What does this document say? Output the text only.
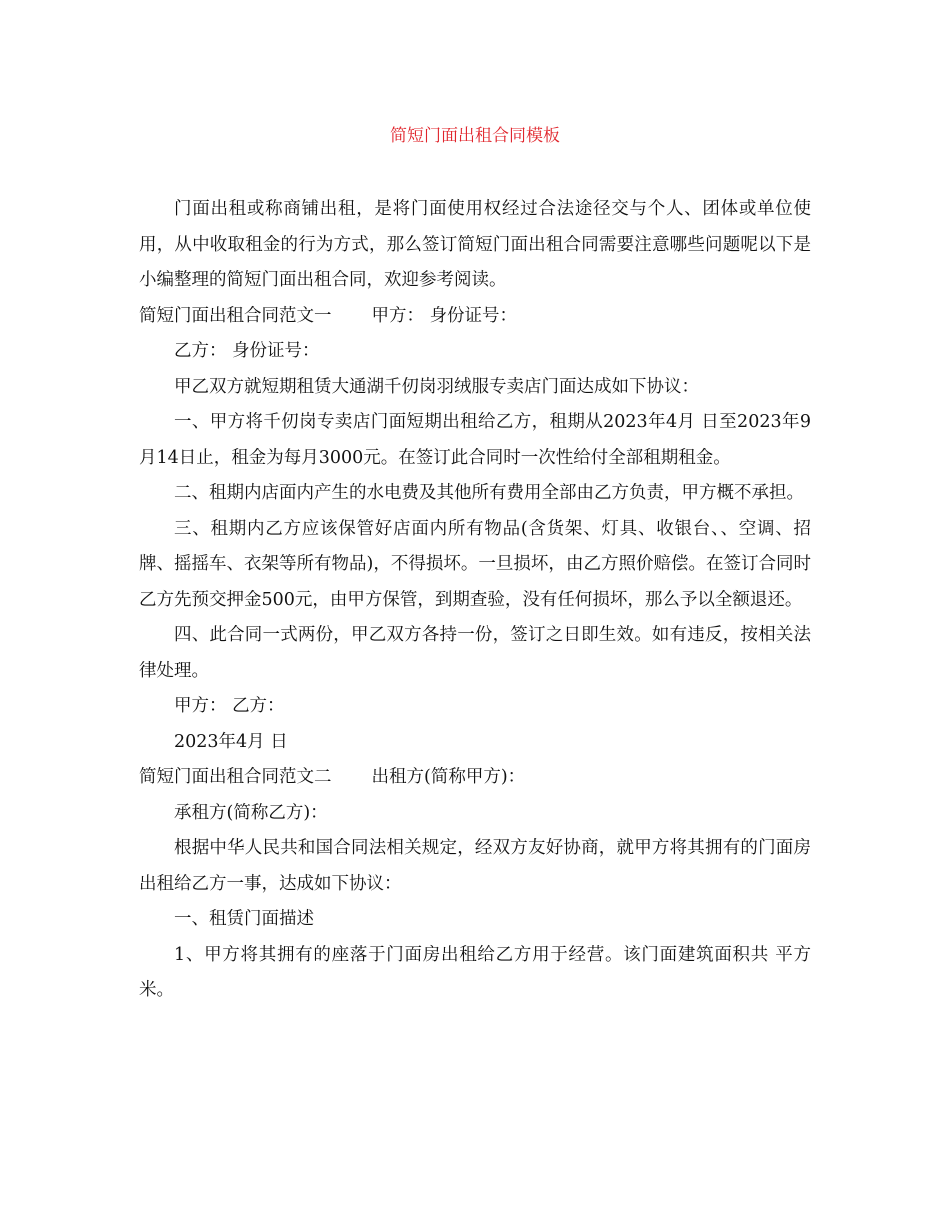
简短门面出租合同模板

门面出租或称商铺出租，是将门面使用权经过合法途径交与个人、团体或单位使用，从中收取租金的行为方式，那么签订简短门面出租合同需要注意哪些问题呢以下是小编整理的简短门面出租合同，欢迎参考阅读。

简短门面出租合同范文一 甲方： 身份证号：

乙方： 身份证号：

甲乙双方就短期租赁大通湖千仞岗羽绒服专卖店门面达成如下协议：

一、甲方将千仞岗专卖店门面短期出租给乙方，租期从2023年4月 日至2023年9月14日止，租金为每月3000元。在签订此合同时一次性给付全部租期租金。

二、租期内店面内产生的水电费及其他所有费用全部由乙方负责，甲方概不承担。

三、租期内乙方应该保管好店面内所有物品(含货架、灯具、收银台、、空调、招牌、摇摇车、衣架等所有物品)，不得损坏。一旦损坏，由乙方照价赔偿。在签订合同时乙方先预交押金500元，由甲方保管，到期查验，没有任何损坏，那么予以全额退还。

四、此合同一式两份，甲乙双方各持一份，签订之日即生效。如有违反，按相关法律处理。

甲方： 乙方：

2023年4月 日

简短门面出租合同范文二 出租方(简称甲方)：

承租方(简称乙方)：

根据中华人民共和国合同法相关规定，经双方友好协商，就甲方将其拥有的门面房出租给乙方一事，达成如下协议：

一、租赁门面描述

1、甲方将其拥有的座落于门面房出租给乙方用于经营。该门面建筑面积共 平方米。
